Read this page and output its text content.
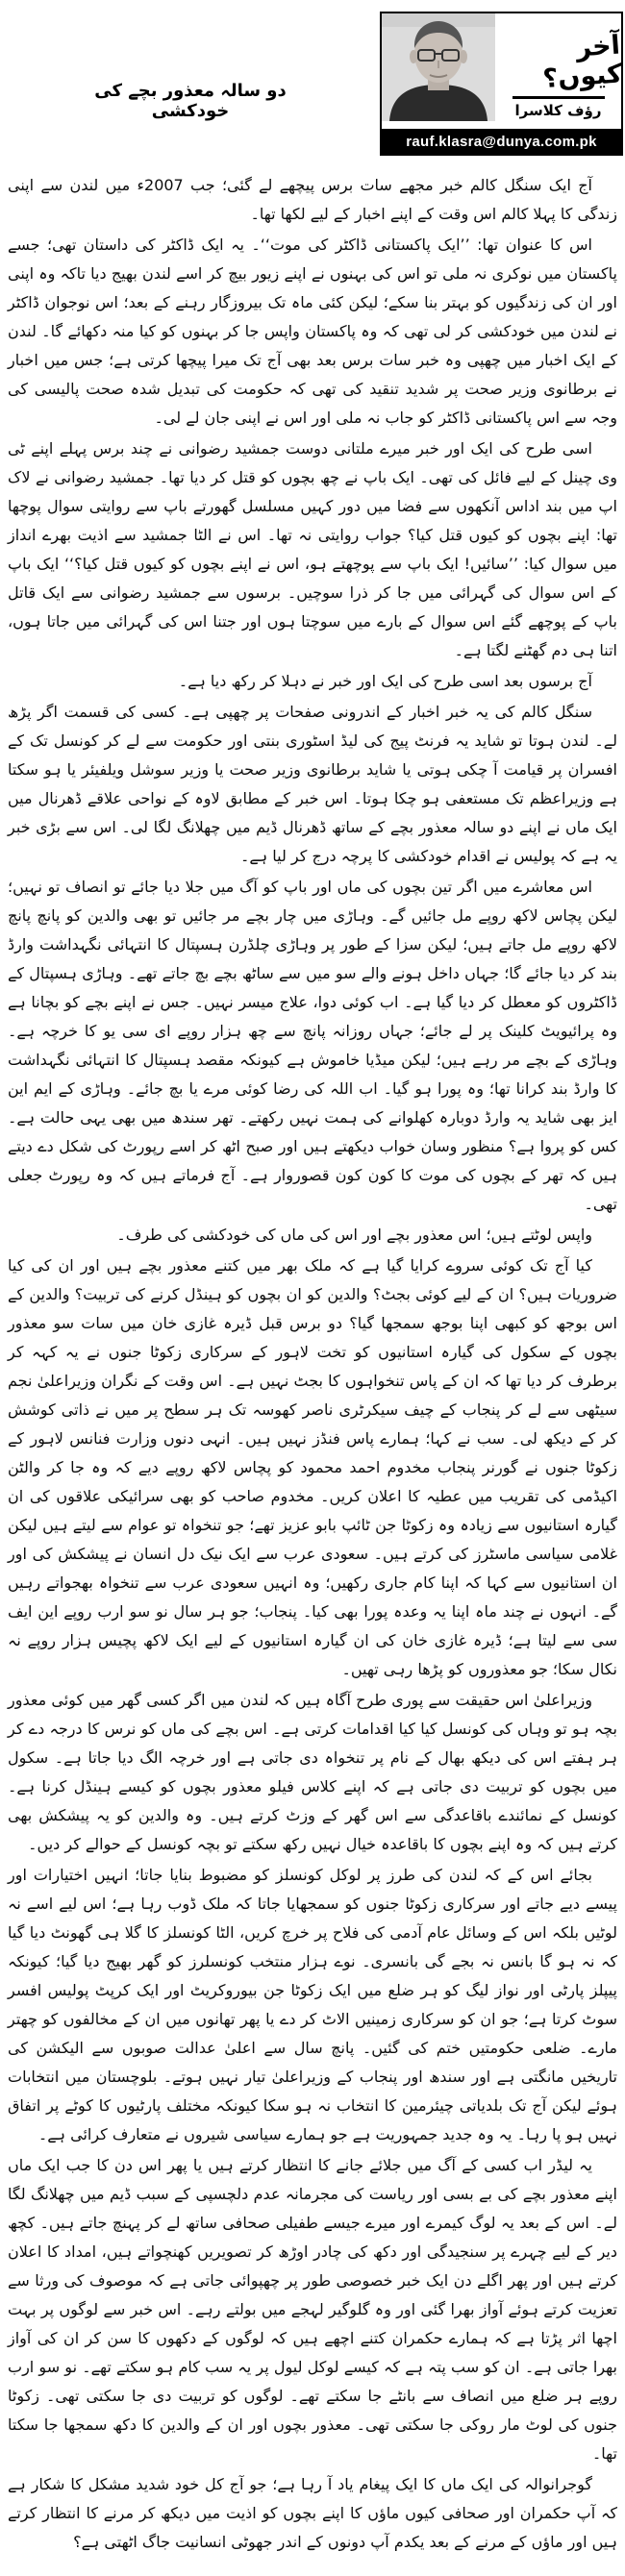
دو سالہ معذور بچے کی خودکشی
آخر کیوں؟
رؤف کلاسرا
rauf.klasra@dunya.com.pk

آج ایک سنگل کالم خبر مجھے سات برس پیچھے لے گئی؛ جب 2007ء میں لندن سے اپنی زندگی کا پہلا کالم اس وقت کے اپنے اخبار کے لیے لکھا تھا۔

اس کا عنوان تھا: ’’ایک پاکستانی ڈاکٹر کی موت‘‘۔ یہ ایک ڈاکٹر کی داستان تھی؛ جسے پاکستان میں نوکری نہ ملی تو اس کی بہنوں نے اپنے زیور بیچ کر اسے لندن بھیج دیا تاکہ وہ اپنی اور ان کی زندگیوں کو بہتر بنا سکے؛ لیکن کئی ماہ تک بیروزگار رہنے کے بعد؛ اس نوجوان ڈاکٹر نے لندن میں خودکشی کر لی تھی کہ وہ پاکستان واپس جا کر بہنوں کو کیا منہ دکھائے گا۔ لندن کے ایک اخبار میں چھپی وہ خبر سات برس بعد بھی آج تک میرا پیچھا کرتی ہے؛ جس میں اخبار نے برطانوی وزیر صحت پر شدید تنقید کی تھی کہ حکومت کی تبدیل شدہ صحت پالیسی کی وجہ سے اس پاکستانی ڈاکٹر کو جاب نہ ملی اور اس نے اپنی جان لے لی۔

اسی طرح کی ایک اور خبر میرے ملتانی دوست جمشید رضوانی نے چند برس پہلے اپنے ٹی وی چینل کے لیے فائل کی تھی۔ ایک باپ نے چھ بچوں کو قتل کر دیا تھا۔ جمشید رضوانی نے لاک اپ میں بند اداس آنکھوں سے فضا میں دور کہیں مسلسل گھورتے باپ سے روایتی سوال پوچھا تھا: اپنے بچوں کو کیوں قتل کیا؟ جواب روایتی نہ تھا۔ اس نے الٹا جمشید سے اذیت بھرے انداز میں سوال کیا: ’’سائیں! ایک باپ سے پوچھتے ہو، اس نے اپنے بچوں کو کیوں قتل کیا؟‘‘ ایک باپ کے اس سوال کی گہرائی میں جا کر ذرا سوچیں۔ برسوں سے جمشید رضوانی سے ایک قاتل باپ کے پوچھے گئے اس سوال کے بارے میں سوچتا ہوں اور جتنا اس کی گہرائی میں جاتا ہوں، اتنا ہی دم گھٹنے لگتا ہے۔

آج برسوں بعد اسی طرح کی ایک اور خبر نے دہلا کر رکھ دیا ہے۔

سنگل کالم کی یہ خبر اخبار کے اندرونی صفحات پر چھپی ہے۔ کسی کی قسمت اگر پڑھ لے۔ لندن ہوتا تو شاید یہ فرنٹ پیج کی لیڈ اسٹوری بنتی اور حکومت سے لے کر کونسل تک کے افسران پر قیامت آ چکی ہوتی یا شاید برطانوی وزیر صحت یا وزیر سوشل ویلفیئر یا ہو سکتا ہے وزیراعظم تک مستعفی ہو چکا ہوتا۔ اس خبر کے مطابق لاوہ کے نواحی علاقے ڈھرنال میں ایک ماں نے اپنے دو سالہ معذور بچے کے ساتھ ڈھرنال ڈیم میں چھلانگ لگا لی۔ اس سے بڑی خبر یہ ہے کہ پولیس نے اقدام خودکشی کا پرچہ درج کر لیا ہے۔

اس معاشرے میں اگر تین بچوں کی ماں اور باپ کو آگ میں جلا دیا جائے تو انصاف تو نہیں؛ لیکن پچاس لاکھ روپے مل جائیں گے۔ وہاڑی میں چار بچے مر جائیں تو بھی والدین کو پانچ پانچ لاکھ روپے مل جاتے ہیں؛ لیکن سزا کے طور پر وہاڑی چلڈرن ہسپتال کا انتہائی نگہداشت وارڈ بند کر دیا جائے گا؛ جہاں داخل ہونے والے سو میں سے ساٹھ بچے بچ جاتے تھے۔ وہاڑی ہسپتال کے ڈاکٹروں کو معطل کر دیا گیا ہے۔ اب کوئی دوا، علاج میسر نہیں۔ جس نے اپنے بچے کو بچانا ہے وہ پرائیویٹ کلینک پر لے جائے؛ جہاں روزانہ پانچ سے چھ ہزار روپے ای سی یو کا خرچہ ہے۔ وہاڑی کے بچے مر رہے ہیں؛ لیکن میڈیا خاموش ہے کیونکہ مقصد ہسپتال کا انتہائی نگہداشت کا وارڈ بند کرانا تھا؛ وہ پورا ہو گیا۔ اب اللہ کی رضا کوئی مرے یا بچ جائے۔ وہاڑی کے ایم این ایز بھی شاید یہ وارڈ دوبارہ کھلوانے کی ہمت نہیں رکھتے۔ تھر سندھ میں بھی یہی حالت ہے۔ کس کو پروا ہے؟ منظور وسان خواب دیکھتے ہیں اور صبح اٹھ کر اسے رپورٹ کی شکل دے دیتے ہیں کہ تھر کے بچوں کی موت کا کون کون قصوروار ہے۔ آج فرماتے ہیں کہ وہ رپورٹ جعلی تھی۔

واپس لوٹتے ہیں؛ اس معذور بچے اور اس کی ماں کی خودکشی کی طرف۔

کیا آج تک کوئی سروے کرایا گیا ہے کہ ملک بھر میں کتنے معذور بچے ہیں اور ان کی کیا ضروریات ہیں؟ ان کے لیے کوئی بجٹ؟ والدین کو ان بچوں کو ہینڈل کرنے کی تربیت؟ والدین کے اس بوجھ کو کبھی اپنا بوجھ سمجھا گیا؟ دو برس قبل ڈیرہ غازی خان میں سات سو معذور بچوں کے سکول کی گیارہ استانیوں کو تخت لاہور کے سرکاری زکوٹا جنوں نے یہ کہہ کر برطرف کر دیا تھا کہ ان کے پاس تنخواہوں کا بجٹ نہیں ہے۔ اس وقت کے نگران وزیراعلیٰ نجم سیٹھی سے لے کر پنجاب کے چیف سیکرٹری ناصر کھوسہ تک ہر سطح پر میں نے ذاتی کوشش کر کے دیکھ لی۔ سب نے کہا؛ ہمارے پاس فنڈز نہیں ہیں۔ انہی دنوں وزارت فنانس لاہور کے زکوٹا جنوں نے گورنر پنجاب مخدوم احمد محمود کو پچاس لاکھ روپے دیے کہ وہ جا کر والٹن اکیڈمی کی تقریب میں عطیہ کا اعلان کریں۔ مخدوم صاحب کو بھی سرائیکی علاقوں کی ان گیارہ استانیوں سے زیادہ وہ زکوٹا جن ٹائپ بابو عزیز تھے؛ جو تنخواہ تو عوام سے لیتے ہیں لیکن غلامی سیاسی ماسٹرز کی کرتے ہیں۔ سعودی عرب سے ایک نیک دل انسان نے پیشکش کی اور ان استانیوں سے کہا کہ اپنا کام جاری رکھیں؛ وہ انہیں سعودی عرب سے تنخواہ بھجواتے رہیں گے۔ انہوں نے چند ماہ اپنا یہ وعدہ پورا بھی کیا۔ پنجاب؛ جو ہر سال نو سو ارب روپے این ایف سی سے لیتا ہے؛ ڈیرہ غازی خان کی ان گیارہ استانیوں کے لیے ایک لاکھ پچیس ہزار روپے نہ نکال سکا؛ جو معذوروں کو پڑھا رہی تھیں۔

وزیراعلیٰ اس حقیقت سے پوری طرح آگاہ ہیں کہ لندن میں اگر کسی گھر میں کوئی معذور بچہ ہو تو وہاں کی کونسل کیا کیا اقدامات کرتی ہے۔ اس بچے کی ماں کو نرس کا درجہ دے کر ہر ہفتے اس کی دیکھ بھال کے نام پر تنخواہ دی جاتی ہے اور خرچہ الگ دیا جاتا ہے۔ سکول میں بچوں کو تربیت دی جاتی ہے کہ اپنے کلاس فیلو معذور بچوں کو کیسے ہینڈل کرنا ہے۔ کونسل کے نمائندے باقاعدگی سے اس گھر کے وزٹ کرتے ہیں۔ وہ والدین کو یہ پیشکش بھی کرتے ہیں کہ وہ اپنے بچوں کا باقاعدہ خیال نہیں رکھ سکتے تو بچہ کونسل کے حوالے کر دیں۔

بجائے اس کے کہ لندن کی طرز پر لوکل کونسلز کو مضبوط بنایا جاتا؛ انہیں اختیارات اور پیسے دیے جاتے اور سرکاری زکوٹا جنوں کو سمجھایا جاتا کہ ملک ڈوب رہا ہے؛ اس لیے اسے نہ لوٹیں بلکہ اس کے وسائل عام آدمی کی فلاح پر خرچ کریں، الٹا کونسلز کا گلا ہی گھونٹ دیا گیا کہ نہ ہو گا بانس نہ بجے گی بانسری۔ نوے ہزار منتخب کونسلرز کو گھر بھیج دیا گیا؛ کیونکہ پیپلز پارٹی اور نواز لیگ کو ہر ضلع میں ایک زکوٹا جن بیوروکریٹ اور ایک کرپٹ پولیس افسر سوٹ کرتا ہے؛ جو ان کو سرکاری زمینیں الاٹ کر دے یا پھر تھانوں میں ان کے مخالفوں کو چھتر مارے۔ ضلعی حکومتیں ختم کی گئیں۔ پانچ سال سے اعلیٰ عدالت صوبوں سے الیکشن کی تاریخیں مانگتی ہے اور سندھ اور پنجاب کے وزیراعلیٰ تیار نہیں ہوتے۔ بلوچستان میں انتخابات ہوئے لیکن آج تک بلدیاتی چیئرمین کا انتخاب نہ ہو سکا کیونکہ مختلف پارٹیوں کا کوٹے پر اتفاق نہیں ہو پا رہا۔ یہ وہ جدید جمہوریت ہے جو ہمارے سیاسی شیروں نے متعارف کرائی ہے۔

یہ لیڈر اب کسی کے آگ میں جلائے جانے کا انتظار کرتے ہیں یا پھر اس دن کا جب ایک ماں اپنے معذور بچے کی بے بسی اور ریاست کی مجرمانہ عدم دلچسپی کے سبب ڈیم میں چھلانگ لگا لے۔ اس کے بعد یہ لوگ کیمرے اور میرے جیسے طفیلی صحافی ساتھ لے کر پہنچ جاتے ہیں۔ کچھ دیر کے لیے چہرے پر سنجیدگی اور دکھ کی چادر اوڑھ کر تصویریں کھنچواتے ہیں، امداد کا اعلان کرتے ہیں اور پھر اگلے دن ایک خبر خصوصی طور پر چھپوائی جاتی ہے کہ موصوف کی ورثا سے تعزیت کرتے ہوئے آواز بھرا گئی اور وہ گلوگیر لہجے میں بولتے رہے۔ اس خبر سے لوگوں پر بہت اچھا اثر پڑتا ہے کہ ہمارے حکمران کتنے اچھے ہیں کہ لوگوں کے دکھوں کا سن کر ان کی آواز بھرا جاتی ہے۔ ان کو سب پتہ ہے کہ کیسے لوکل لیول پر یہ سب کام ہو سکتے تھے۔ نو سو ارب روپے ہر ضلع میں انصاف سے بانٹے جا سکتے تھے۔ لوگوں کو تربیت دی جا سکتی تھی۔ زکوٹا جنوں کی لوٹ مار روکی جا سکتی تھی۔ معذور بچوں اور ان کے والدین کا دکھ سمجھا جا سکتا تھا۔

گوجرانوالہ کی ایک ماں کا ایک پیغام یاد آ رہا ہے؛ جو آج کل خود شدید مشکل کا شکار ہے کہ آپ حکمران اور صحافی کیوں ماؤں کا اپنے بچوں کو اذیت میں دیکھ کر مرنے کا انتظار کرتے ہیں اور ماؤں کے مرنے کے بعد یکدم آپ دونوں کے اندر جھوٹی انسانیت جاگ اٹھتی ہے؟
